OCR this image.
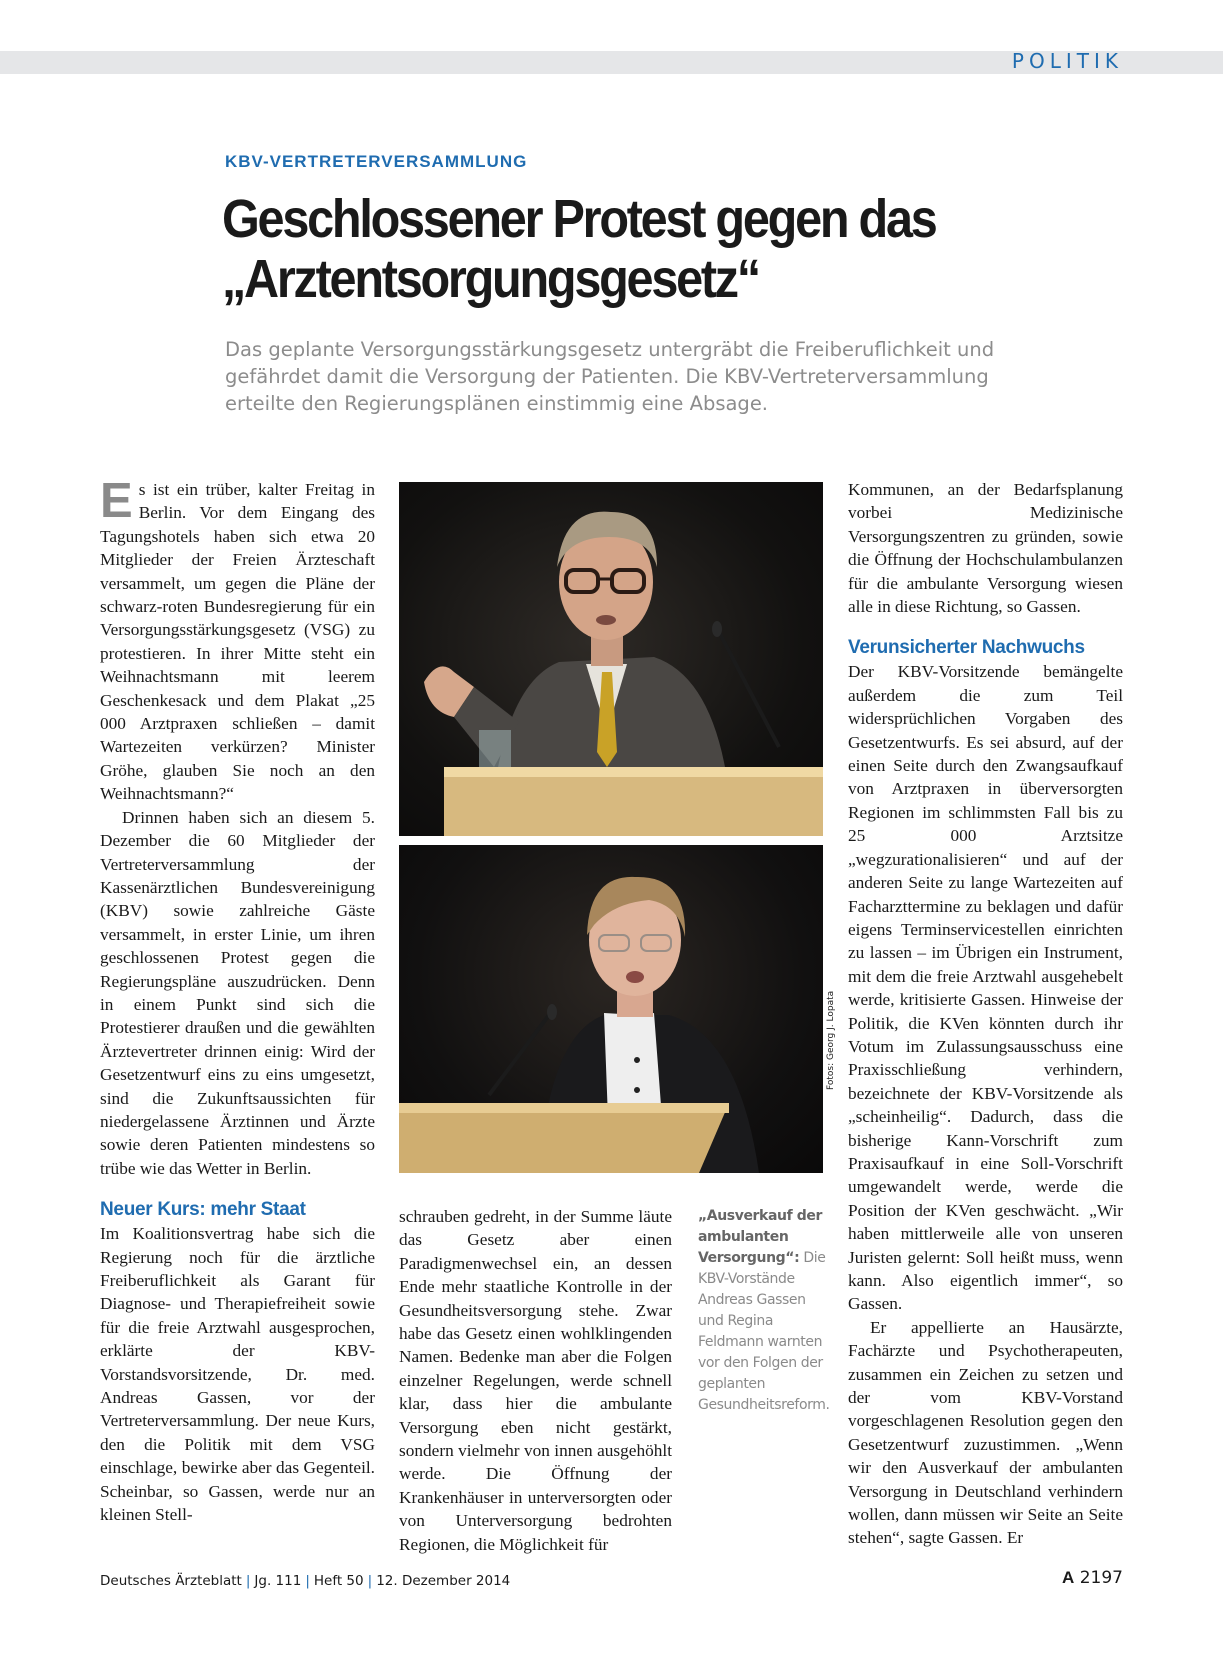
POLITIK
KBV-VERTRETERVERSAMMLUNG
Geschlossener Protest gegen das
„Arztentsorgungsgesetz“
Das geplante Versorgungsstärkungsgesetz untergräbt die Freiberuflichkeit und
gefährdet damit die Versorgung der Patienten. Die KBV-Vertreterversammlung
erteilte den Regierungsplänen einstimmig eine Absage.

Es ist ein trüber, kalter Freitag in Berlin. Vor dem Eingang des Tagungshotels haben sich etwa 20 Mitglieder der Freien Ärzteschaft versammelt, um gegen die Pläne der schwarz-roten Bundesregierung für ein Versorgungsstärkungsgesetz (VSG) zu protestieren. In ihrer Mitte steht ein Weihnachtsmann mit leerem Geschenkesack und dem Plakat „25 000 Arztpraxen schließen – damit Wartezeiten verkürzen? Minister Gröhe, glauben Sie noch an den Weihnachtsmann?“

Drinnen haben sich an diesem 5. Dezember die 60 Mitglieder der Vertreterversammlung der Kassenärztlichen Bundesvereinigung (KBV) sowie zahlreiche Gäste versammelt, in erster Linie, um ihren geschlossenen Protest gegen die Regierungspläne auszudrücken. Denn in einem Punkt sind sich die Protestierer draußen und die gewählten Ärztevertreter drinnen einig: Wird der Gesetzentwurf eins zu eins umgesetzt, sind die Zukunftsaussichten für niedergelassene Ärztinnen und Ärzte sowie deren Patienten mindestens so trübe wie das Wetter in Berlin.

Neuer Kurs: mehr Staat

Im Koalitionsvertrag habe sich die Regierung noch für die ärztliche Freiberuflichkeit als Garant für Diagnose- und Therapiefreiheit sowie für die freie Arztwahl ausgesprochen, erklärte der KBV-Vorstandsvorsitzende, Dr. med. Andreas Gassen, vor der Vertreterversammlung. Der neue Kurs, den die Politik mit dem VSG einschlage, bewirke aber das Gegenteil. Scheinbar, so Gassen, werde nur an kleinen Stell-

Fotos: Georg J. Lopata

schrauben gedreht, in der Summe läute das Gesetz aber einen Paradigmenwechsel ein, an dessen Ende mehr staatliche Kontrolle in der Gesundheitsversorgung stehe. Zwar habe das Gesetz einen wohlklingenden Namen. Bedenke man aber die Folgen einzelner Regelungen, werde schnell klar, dass hier die ambulante Versorgung eben nicht gestärkt, sondern vielmehr von innen ausgehöhlt werde. Die Öffnung der Krankenhäuser in unterversorgten oder von Unterversorgung bedrohten Regionen, die Möglichkeit für

„Ausverkauf der ambulanten Versorgung“: Die KBV-Vorstände Andreas Gassen und Regina Feldmann warnten vor den Folgen der geplanten Gesundheitsreform.

Kommunen, an der Bedarfsplanung vorbei Medizinische Versorgungszentren zu gründen, sowie die Öffnung der Hochschulambulanzen für die ambulante Versorgung wiesen alle in diese Richtung, so Gassen.

Verunsicherter Nachwuchs

Der KBV-Vorsitzende bemängelte außerdem die zum Teil widersprüchlichen Vorgaben des Gesetzentwurfs. Es sei absurd, auf der einen Seite durch den Zwangsaufkauf von Arztpraxen in überversorgten Regionen im schlimmsten Fall bis zu 25 000 Arztsitze „wegzurationalisieren“ und auf der anderen Seite zu lange Wartezeiten auf Facharzttermine zu beklagen und dafür eigens Terminservicestellen einrichten zu lassen – im Übrigen ein Instrument, mit dem die freie Arztwahl ausgehebelt werde, kritisierte Gassen. Hinweise der Politik, die KVen könnten durch ihr Votum im Zulassungsausschuss eine Praxisschließung verhindern, bezeichnete der KBV-Vorsitzende als „scheinheilig“. Dadurch, dass die bisherige Kann-Vorschrift zum Praxisaufkauf in eine Soll-Vorschrift umgewandelt werde, werde die Position der KVen geschwächt. „Wir haben mittlerweile alle von unseren Juristen gelernt: Soll heißt muss, wenn kann. Also eigentlich immer“, so Gassen.

Er appellierte an Hausärzte, Fachärzte und Psychotherapeuten, zusammen ein Zeichen zu setzen und der vom KBV-Vorstand vorgeschlagenen Resolution gegen den Gesetzentwurf zuzustimmen. „Wenn wir den Ausverkauf der ambulanten Versorgung in Deutschland verhindern wollen, dann müssen wir Seite an Seite stehen“, sagte Gassen. Er

Deutsches Ärzteblatt | Jg. 111 | Heft 50 | 12. Dezember 2014	A 2197
